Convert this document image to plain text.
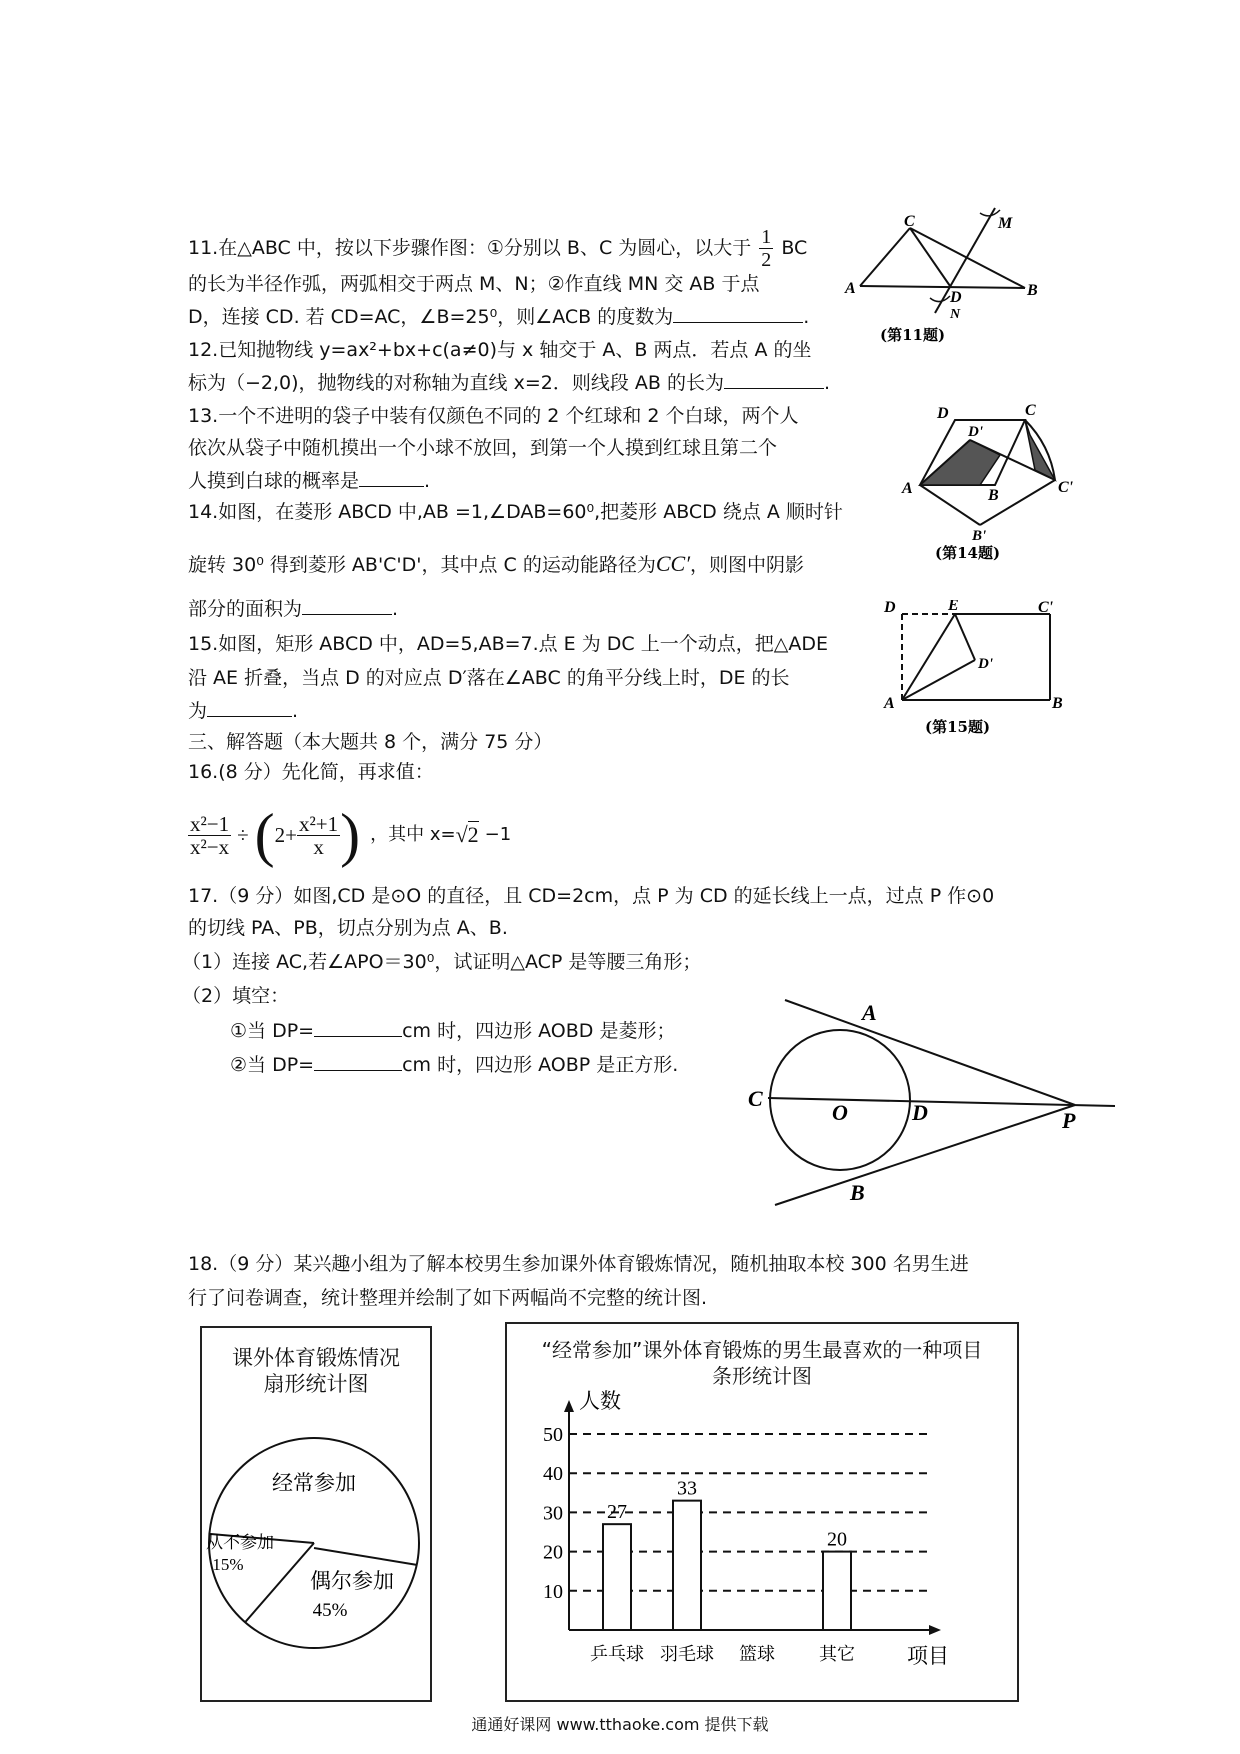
11.在△ABC 中，按以下步骤作图：①分别以 B、C 为圆心，以大于 $\frac{1}{2}$ BC
的长为半径作弧，两弧相交于两点 M、N；②作直线 MN 交 AB 于点
D，连接 CD. 若 CD=AC，∠B=25⁰，则∠ACB 的度数为	.
C	M
A
D
N
B
(第11题)
12.已知抛物线 y=ax²+bx+c(a≠0)与 x 轴交于 A、B 两点．若点 A 的坐
标为（−2,0)，抛物线的对称轴为直线 x=2．则线段 AB 的长为	.
13.一个不进明的袋子中装有仅颜色不同的 2 个红球和 2 个白球，两个人
依次从袋子中随机摸出一个小球不放回，到第一个人摸到红球且第二个
人摸到白球的概率是	.
14.如图，在菱形 ABCD 中,AB =1,∠DAB=60⁰,把菱形 ABCD 绕点 A 顺时针
旋转 30⁰ 得到菱形 AB'C'D'，其中点 C 的运动能路径为CC′，则图中阴影
部分的面积为	.
D	C
D'
A	B	C'
B'
(第14题)
15.如图，矩形 ABCD 中，AD=5,AB=7.点 E 为 DC 上一个动点，把△ADE
沿 AE 折叠，当点 D 的对应点 D′落在∠ABC 的角平分线上时，DE 的长
为	.
D	E	C'
D'
A	B
(第15题)
三、解答题（本大题共 8 个，满分 75 分）
16.(8 分）先化简，再求值：
$\frac{\text{x²−1}}{\text{x²−x}}$ ÷ ( $2+ \frac{\text{x²+1}}{x}$ ) ，其中 x= √2 −1
17.（9 分）如图,CD 是⊙O 的直径，且 CD=2cm，点 P 为 CD 的延长线上一点，过点 P 作⊙0
的切线 PA、PB，切点分别为点 A、B.
（1）连接 AC,若∠APO＝30⁰，试证明△ACP 是等腰三角形；
（2）填空：
①当 DP=	cm 时，四边形 AOBD 是菱形；
②当 DP=	cm 时，四边形 AOBP 是正方形.
A
C
O	D	P
B
18.（9 分）某兴趣小组为了解本校男生参加课外体育锻炼情况，随机抽取本校 300 名男生进
行了问卷调查，统计整理并绘制了如下两幅尚不完整的统计图.
课外体育锻炼情况
扇形统计图
经常参加
从不参加
15%
偶尔参加
45%
“经常参加”课外体育锻炼的男生最喜欢的一种项目
条形统计图
人数
项目
10
20
30
40
50
27
乒乓球
33
羽毛球 篮球
20
其它
通通好课网 www.tthaoke.com 提供下载
